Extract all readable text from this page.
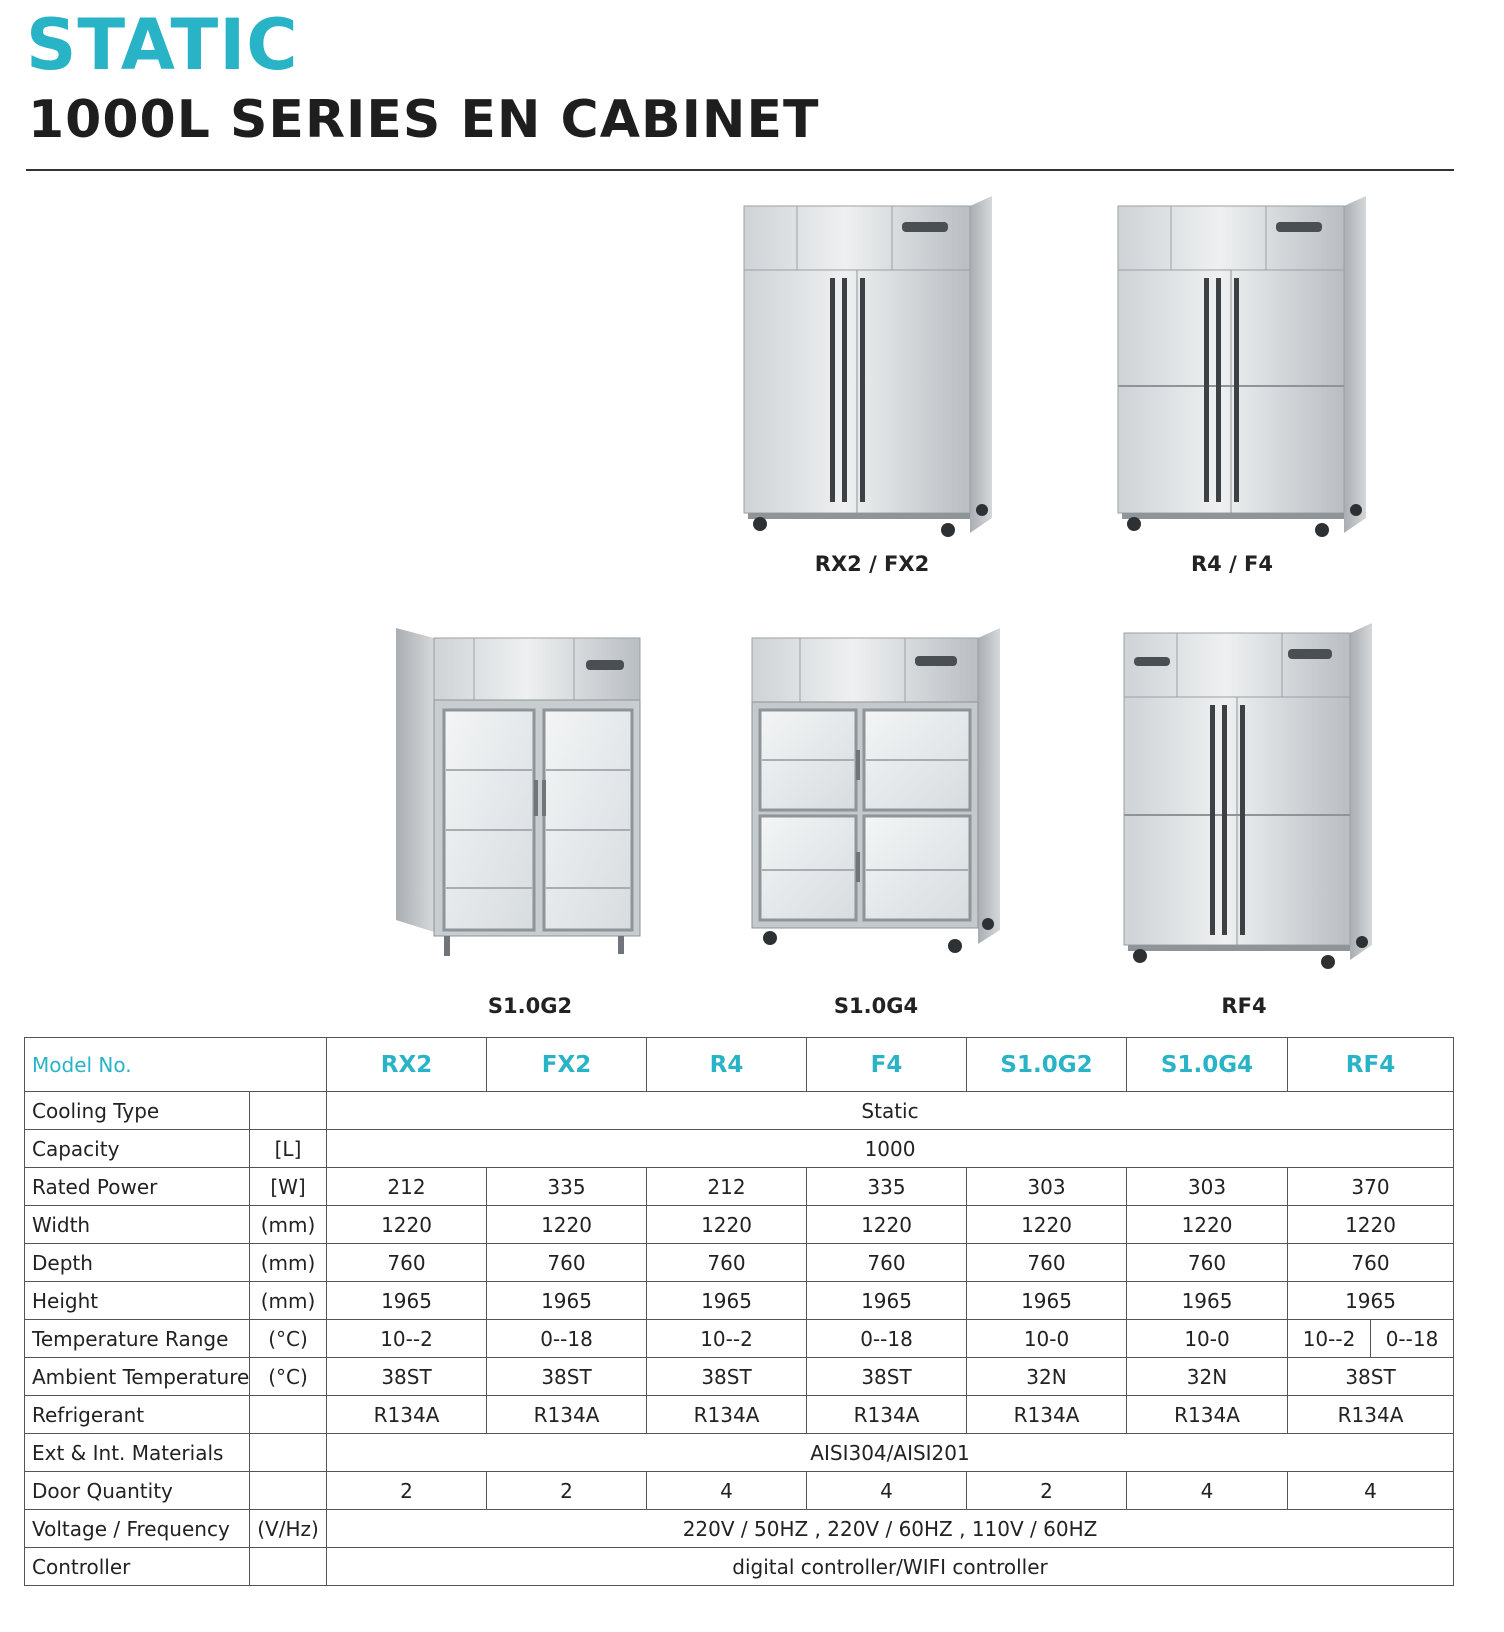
STATIC
1000L SERIES EN CABINET
RX2 / FX2	R4 / F4
S1.0G2	S1.0G4	RF4
Model No.		RX2	FX2	R4	F4	S1.0G2	S1.0G4	RF4
Cooling Type		Static						
Capacity	[L]	1000						
Rated Power	[W]	212	335	212	335	303	303	370
Width	(mm)	1220	1220	1220	1220	1220	1220	1220
Depth	(mm)	760	760	760	760	760	760	760
Height	(mm)	1965	1965	1965	1965	1965	1965	1965
Temperature Range	(°C)	10--2	0--18	10--2	0--18	10-0	10-0	10--2 0--18

Ambient Temperature	(°C)	38ST	38ST	38ST	38ST	32N	32N	38ST
Refrigerant		R134A	R134A	R134A	R134A	R134A	R134A	R134A
Ext & Int. Materials		AISI304/AISI201						
Door Quantity		2	2	4	4	2	4	4
Voltage / Frequency	(V/Hz)	220V / 50HZ , 220V / 60HZ , 110V / 60HZ						
Controller		digital controller/WIFI controller						
